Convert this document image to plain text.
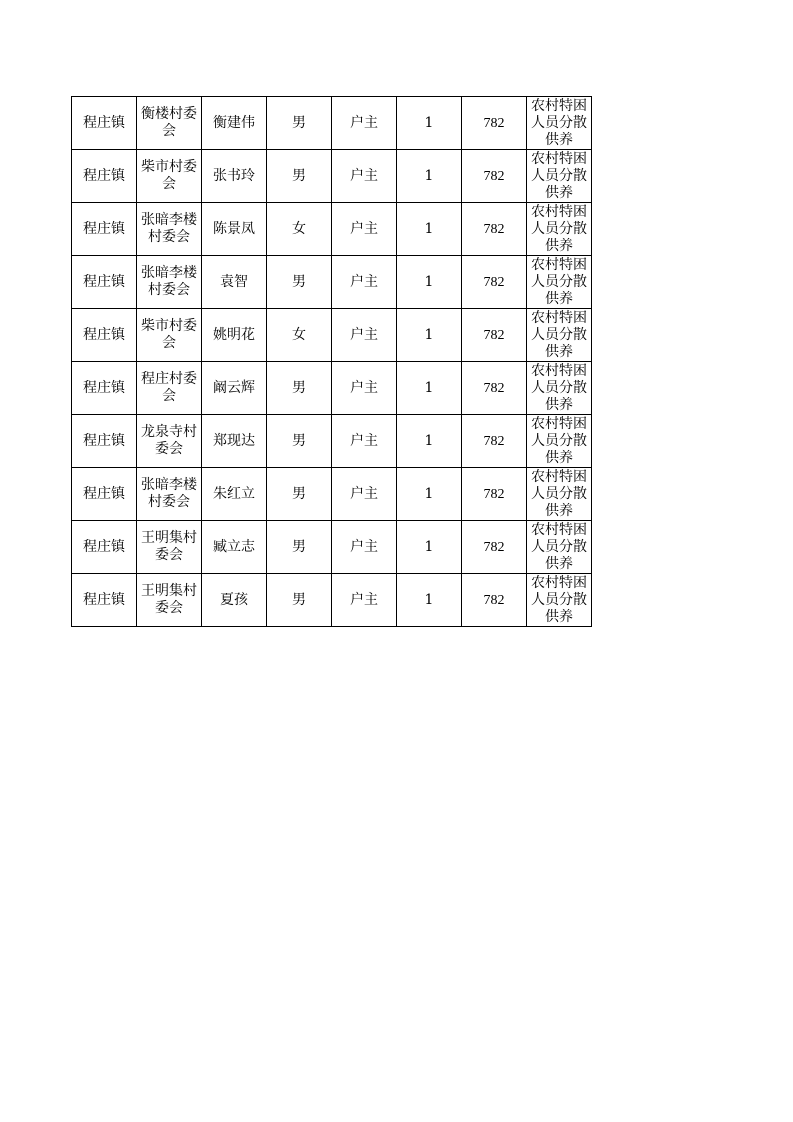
程庄镇	衡楼村委会	衡建伟	男	户主	1	782	农村特困人员分散供养

程庄镇	柴市村委会	张书玲	男	户主	1	782	农村特困人员分散供养

程庄镇	张暗李楼村委会	陈景凤	女	户主	1	782	农村特困人员分散供养

程庄镇	张暗李楼村委会	袁智	男	户主	1	782	农村特困人员分散供养

程庄镇	柴市村委会	姚明花	女	户主	1	782	农村特困人员分散供养

程庄镇	程庄村委会	阚云辉	男	户主	1	782	农村特困人员分散供养

程庄镇	龙泉寺村委会	郑现达	男	户主	1	782	农村特困人员分散供养

程庄镇	张暗李楼村委会	朱红立	男	户主	1	782	农村特困人员分散供养

程庄镇	王明集村委会	臧立志	男	户主	1	782	农村特困人员分散供养

程庄镇	王明集村委会	夏孩	男	户主	1	782	农村特困人员分散供养
